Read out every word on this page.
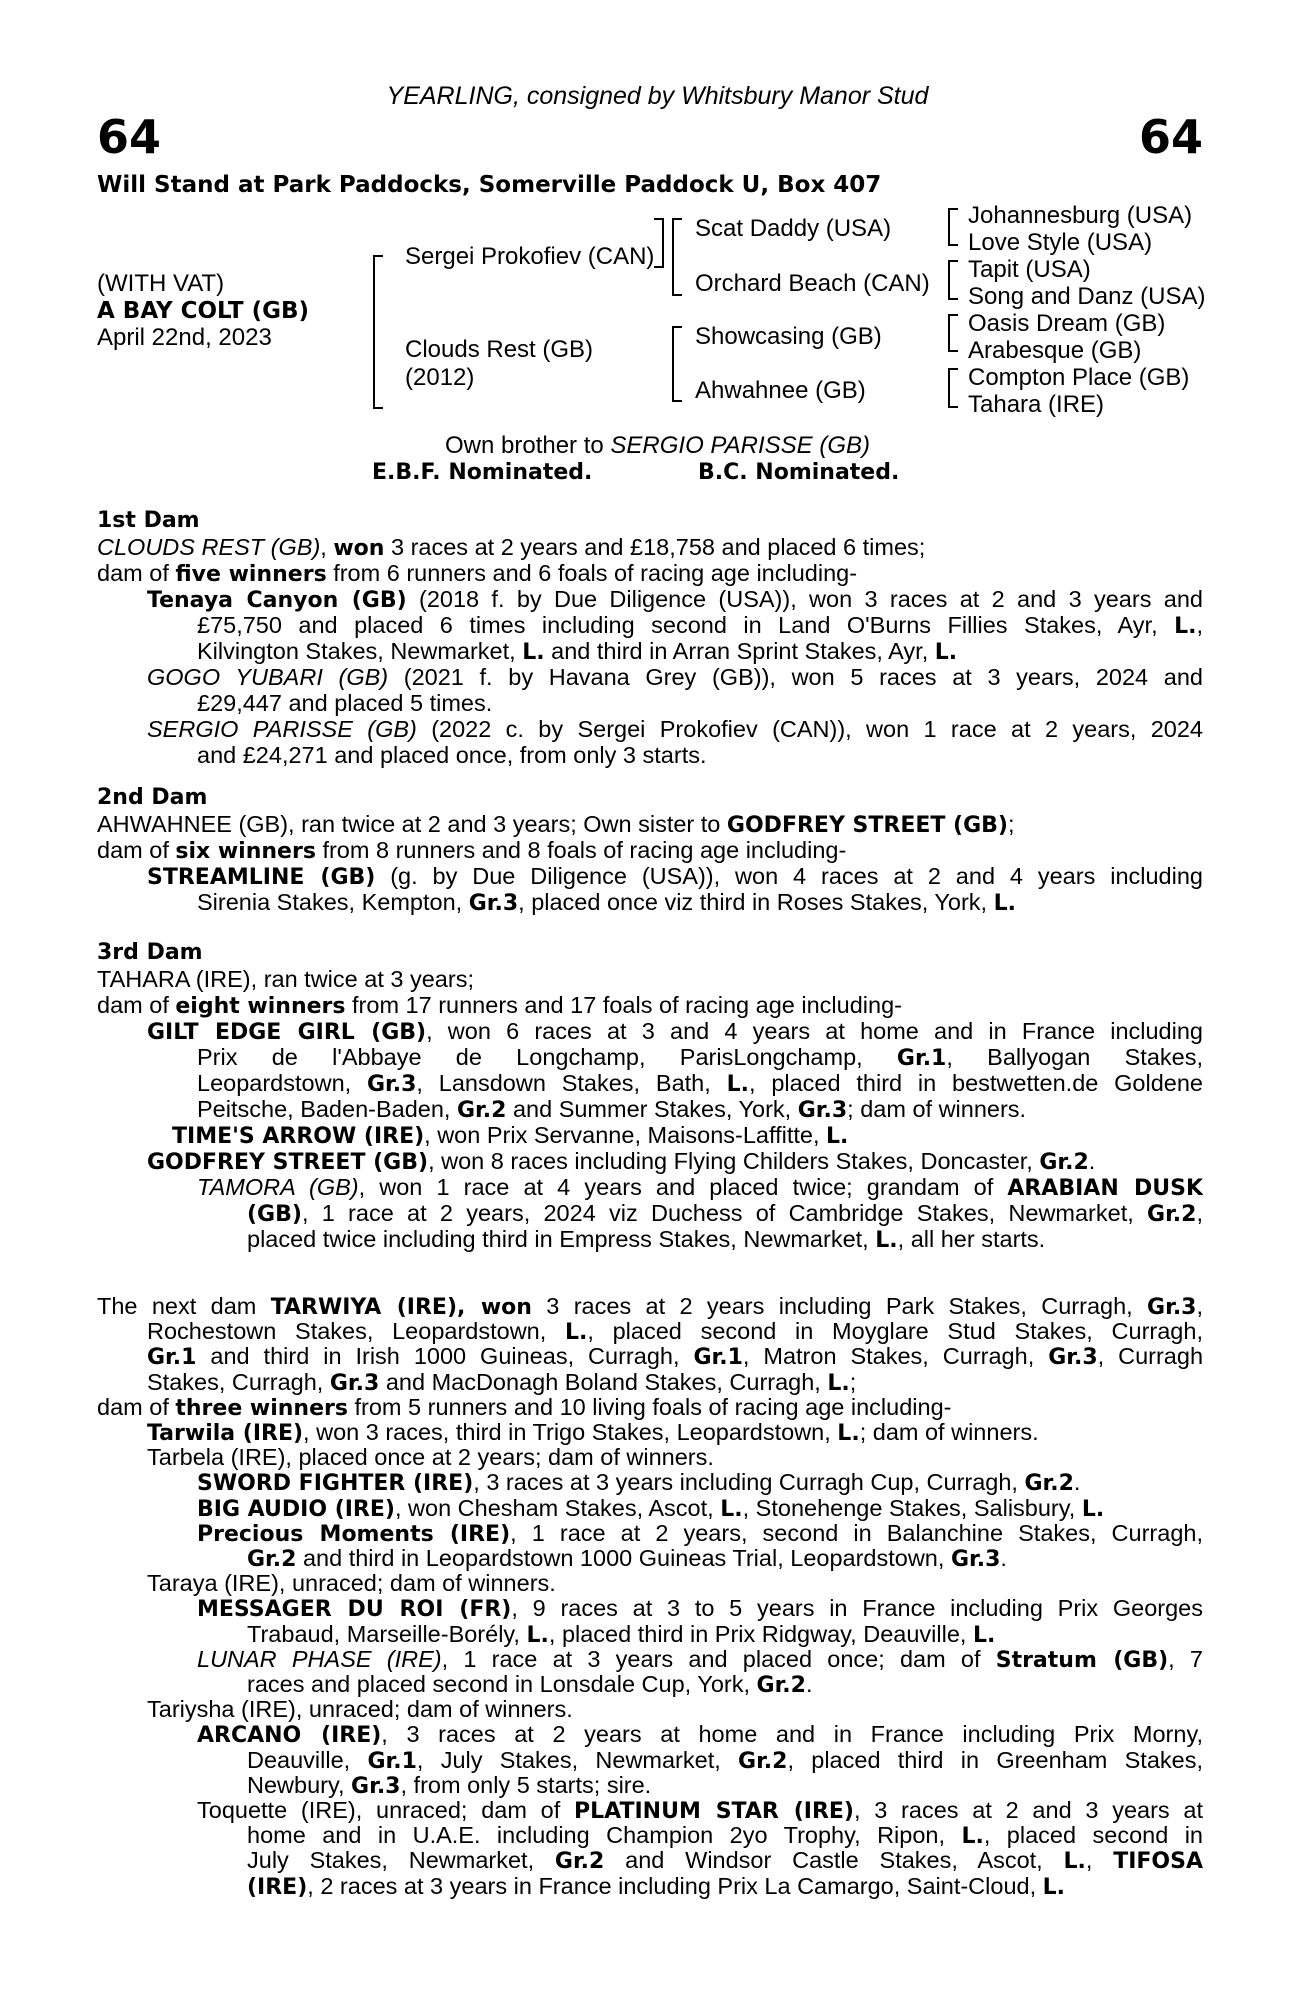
64	64
YEARLING, consigned by Whitsbury Manor Stud
Will Stand at Park Paddocks, Somerville Paddock U, Box 407
(WITH VAT)
A BAY COLT (GB)
April 22nd, 2023
Sergei Prokofiev (CAN)
Clouds Rest (GB)
(2012)
Scat Daddy (USA)
Orchard Beach (CAN)
Showcasing (GB)
Ahwahnee (GB)
Johannesburg (USA)
Love Style (USA)
Tapit (USA)
Song and Danz (USA)
Oasis Dream (GB)
Arabesque (GB)
Compton Place (GB)
Tahara (IRE)
Own brother to SERGIO PARISSE (GB)
E.B.F. Nominated.	B.C. Nominated.
1st Dam
CLOUDS REST (GB), won 3 races at 2 years and £18,758 and placed 6 times;
dam of five winners from 6 runners and 6 foals of racing age including-
Tenaya Canyon (GB) (2018 f. by Due Diligence (USA)), won 3 races at 2 and 3 years and
£75,750 and placed 6 times including second in Land O'Burns Fillies Stakes, Ayr, L.,
Kilvington Stakes, Newmarket, L. and third in Arran Sprint Stakes, Ayr, L.
GOGO YUBARI (GB) (2021 f. by Havana Grey (GB)), won 5 races at 3 years, 2024 and
£29,447 and placed 5 times.
SERGIO PARISSE (GB) (2022 c. by Sergei Prokofiev (CAN)), won 1 race at 2 years, 2024
and £24,271 and placed once, from only 3 starts.
2nd Dam
AHWAHNEE (GB), ran twice at 2 and 3 years; Own sister to GODFREY STREET (GB);
dam of six winners from 8 runners and 8 foals of racing age including-
STREAMLINE (GB) (g. by Due Diligence (USA)), won 4 races at 2 and 4 years including
Sirenia Stakes, Kempton, Gr.3, placed once viz third in Roses Stakes, York, L.
3rd Dam
TAHARA (IRE), ran twice at 3 years;
dam of eight winners from 17 runners and 17 foals of racing age including-
GILT EDGE GIRL (GB), won 6 races at 3 and 4 years at home and in France including
Prix de l'Abbaye de Longchamp, ParisLongchamp, Gr.1, Ballyogan Stakes,
Leopardstown, Gr.3, Lansdown Stakes, Bath, L., placed third in bestwetten.de Goldene
Peitsche, Baden-Baden, Gr.2 and Summer Stakes, York, Gr.3; dam of winners.
TIME'S ARROW (IRE), won Prix Servanne, Maisons-Laffitte, L.
GODFREY STREET (GB), won 8 races including Flying Childers Stakes, Doncaster, Gr.2.
TAMORA (GB), won 1 race at 4 years and placed twice; grandam of ARABIAN DUSK
(GB), 1 race at 2 years, 2024 viz Duchess of Cambridge Stakes, Newmarket, Gr.2,
placed twice including third in Empress Stakes, Newmarket, L., all her starts.
The next dam TARWIYA (IRE), won 3 races at 2 years including Park Stakes, Curragh, Gr.3,
Rochestown Stakes, Leopardstown, L., placed second in Moyglare Stud Stakes, Curragh,
Gr.1 and third in Irish 1000 Guineas, Curragh, Gr.1, Matron Stakes, Curragh, Gr.3, Curragh
Stakes, Curragh, Gr.3 and MacDonagh Boland Stakes, Curragh, L.;
dam of three winners from 5 runners and 10 living foals of racing age including-
Tarwila (IRE), won 3 races, third in Trigo Stakes, Leopardstown, L.; dam of winners.
Tarbela (IRE), placed once at 2 years; dam of winners.
SWORD FIGHTER (IRE), 3 races at 3 years including Curragh Cup, Curragh, Gr.2.
BIG AUDIO (IRE), won Chesham Stakes, Ascot, L., Stonehenge Stakes, Salisbury, L.
Precious Moments (IRE), 1 race at 2 years, second in Balanchine Stakes, Curragh,
Gr.2 and third in Leopardstown 1000 Guineas Trial, Leopardstown, Gr.3.
Taraya (IRE), unraced; dam of winners.
MESSAGER DU ROI (FR), 9 races at 3 to 5 years in France including Prix Georges
Trabaud, Marseille-Borély, L., placed third in Prix Ridgway, Deauville, L.
LUNAR PHASE (IRE), 1 race at 3 years and placed once; dam of Stratum (GB), 7
races and placed second in Lonsdale Cup, York, Gr.2.
Tariysha (IRE), unraced; dam of winners.
ARCANO (IRE), 3 races at 2 years at home and in France including Prix Morny,
Deauville, Gr.1, July Stakes, Newmarket, Gr.2, placed third in Greenham Stakes,
Newbury, Gr.3, from only 5 starts; sire.
Toquette (IRE), unraced; dam of PLATINUM STAR (IRE), 3 races at 2 and 3 years at
home and in U.A.E. including Champion 2yo Trophy, Ripon, L., placed second in
July Stakes, Newmarket, Gr.2 and Windsor Castle Stakes, Ascot, L., TIFOSA
(IRE), 2 races at 3 years in France including Prix La Camargo, Saint-Cloud, L.
